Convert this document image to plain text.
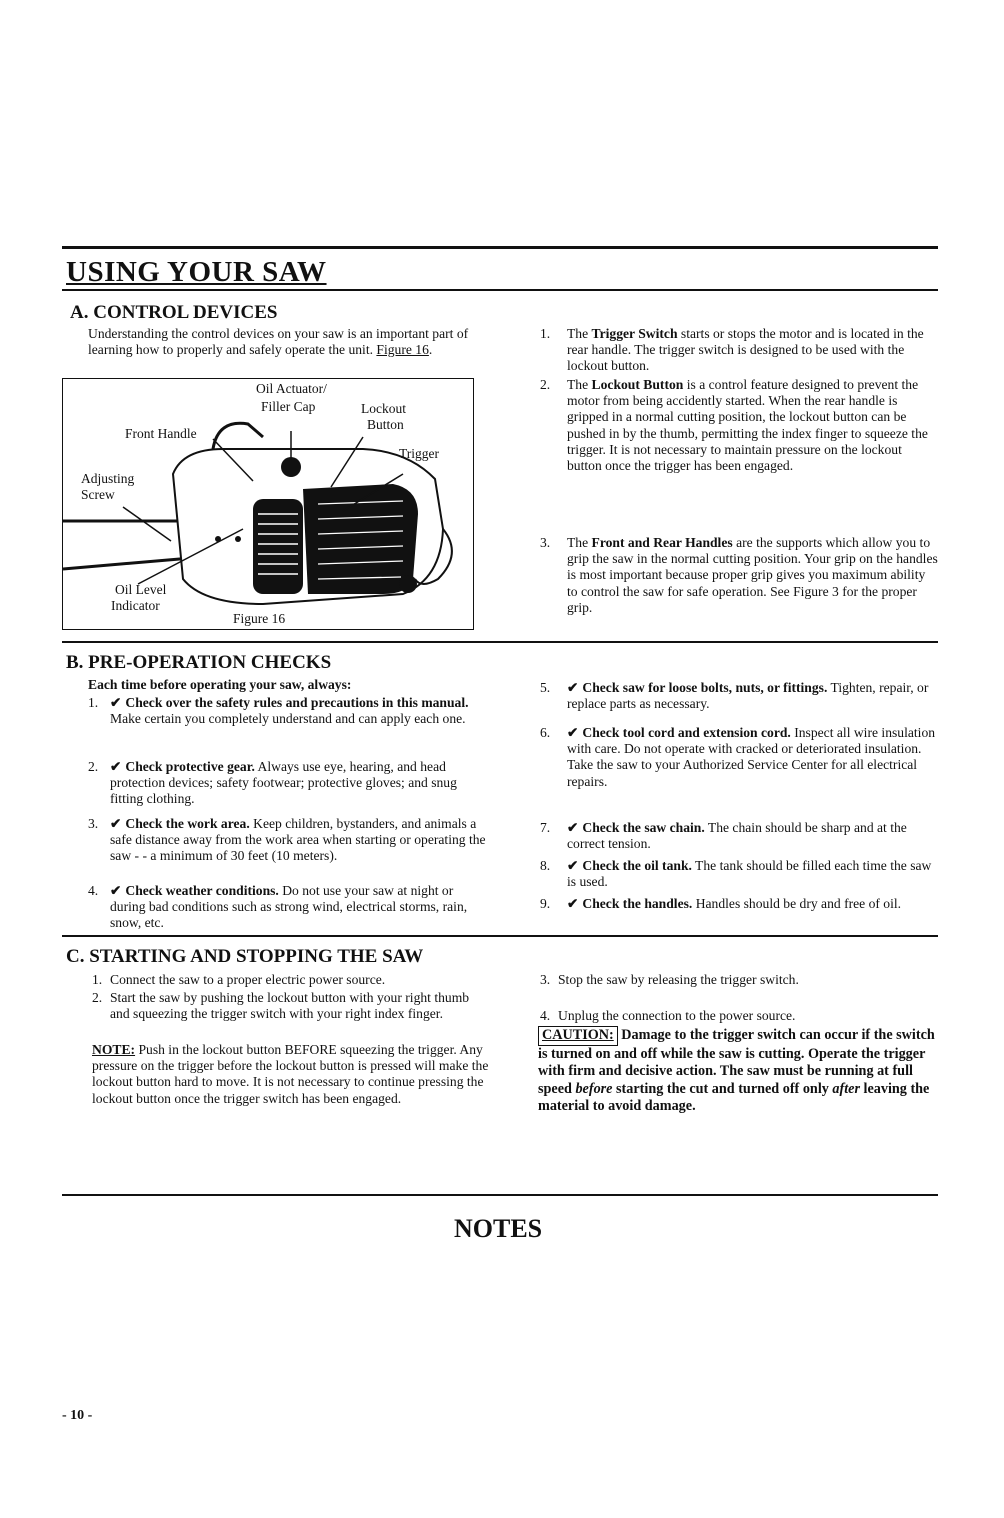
USING YOUR SAW
A. CONTROL DEVICES
Understanding the control devices on your saw is an important part of learning how to properly and safely operate the unit. Figure 16.
Front Handle
Oil Actuator/
Filler Cap	Lockout
Button
Trigger
Adjusting
Screw
Oil Level
Indicator
Figure 16
1. The Trigger Switch starts or stops the motor and is located in the rear handle. The trigger switch is designed to be used with the lockout button.
2. The Lockout Button is a control feature designed to prevent the motor from being accidently started. When the rear handle is gripped in a normal cutting position, the lockout button can be pushed in by the thumb, permitting the index finger to squeeze the trigger. It is not necessary to maintain pressure on the lockout button once the trigger has been engaged.
3. The Front and Rear Handles are the supports which allow you to grip the saw in the normal cutting position. Your grip on the handles is most important because proper grip gives you maximum ability to control the saw for safe operation. See Figure 3 for the proper grip.
B. PRE-OPERATION CHECKS
Each time before operating your saw, always:
1. ✔ Check over the safety rules and precautions in this manual. Make certain you completely understand and can apply each one.
2. ✔ Check protective gear. Always use eye, hearing, and head protection devices; safety footwear; protective gloves; and snug fitting clothing.
3. ✔ Check the work area. Keep children, bystanders, and animals a safe distance away from the work area when starting or operating the saw - - a minimum of 30 feet (10 meters).
4. ✔ Check weather conditions. Do not use your saw at night or during bad conditions such as strong wind, electrical storms, rain, snow, etc.
5. ✔ Check saw for loose bolts, nuts, or fittings. Tighten, repair, or replace parts as necessary.
6. ✔ Check tool cord and extension cord. Inspect all wire insulation with care. Do not operate with cracked or deteriorated insulation. Take the saw to your Authorized Service Center for all electrical repairs.
7. ✔ Check the saw chain. The chain should be sharp and at the correct tension.
8. ✔ Check the oil tank. The tank should be filled each time the saw is used.
9. ✔ Check the handles. Handles should be dry and free of oil.
C. STARTING AND STOPPING THE SAW
1. Connect the saw to a proper electric power source.
2. Start the saw by pushing the lockout button with your right thumb and squeezing the trigger switch with your right index finger.
NOTE: Push in the lockout button BEFORE squeezing the trigger. Any pressure on the trigger before the lockout button is pressed will make the lockout button hard to move. It is not necessary to continue pressing the lockout button once the trigger switch has been engaged.
3. Stop the saw by releasing the trigger switch.
4. Unplug the connection to the power source.
CAUTION: Damage to the trigger switch can occur if the switch is turned on and off while the saw is cutting. Operate the trigger with firm and decisive action. The saw must be running at full speed before starting the cut and turned off only after leaving the material to avoid damage.
NOTES
- 10 -
